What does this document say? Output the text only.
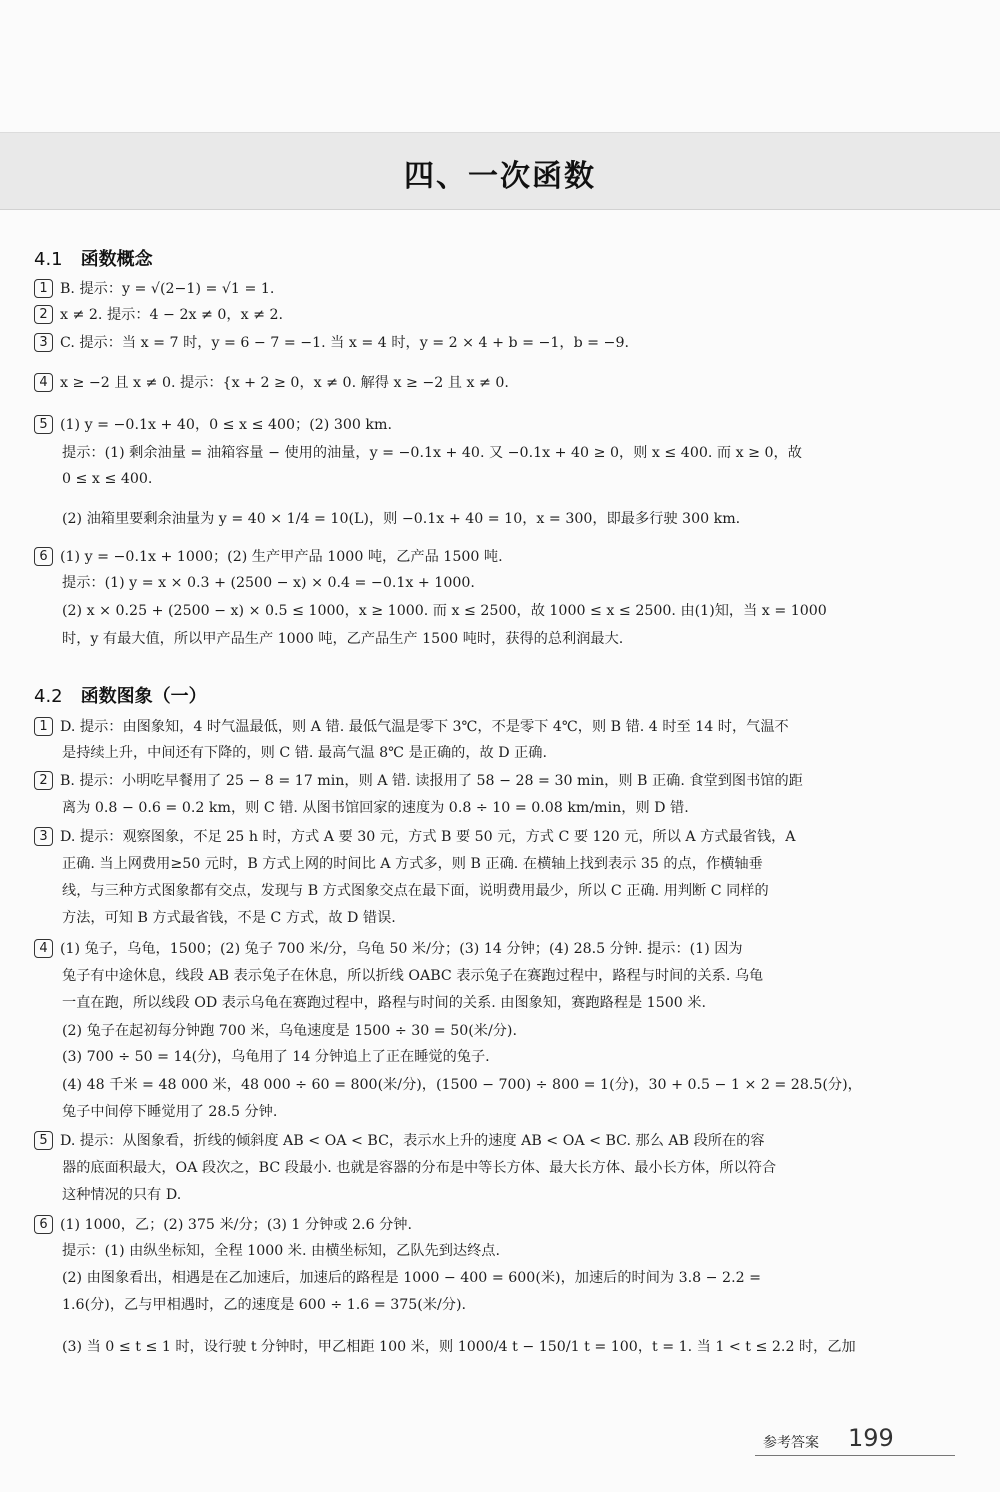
四、一次函数
4.1 函数概念
1 B. 提示：y = √(2−1) = √1 = 1.
2 x ≠ 2. 提示：4 − 2x ≠ 0，x ≠ 2.
3 C. 提示：当 x = 7 时，y = 6 − 7 = −1. 当 x = 4 时，y = 2 × 4 + b = −1，b = −9.
4 x ≥ −2 且 x ≠ 0. 提示：{x + 2 ≥ 0，x ≠ 0. 解得 x ≥ −2 且 x ≠ 0.
5 (1) y = −0.1x + 40，0 ≤ x ≤ 400；(2) 300 km.
提示：(1) 剩余油量 = 油箱容量 − 使用的油量，y = −0.1x + 40. 又 −0.1x + 40 ≥ 0，则 x ≤ 400. 而 x ≥ 0，故
0 ≤ x ≤ 400.
(2) 油箱里要剩余油量为 y = 40 × 1/4 = 10(L)，则 −0.1x + 40 = 10，x = 300，即最多行驶 300 km.
6 (1) y = −0.1x + 1000；(2) 生产甲产品 1000 吨，乙产品 1500 吨.
提示：(1) y = x × 0.3 + (2500 − x) × 0.4 = −0.1x + 1000.
(2) x × 0.25 + (2500 − x) × 0.5 ≤ 1000，x ≥ 1000. 而 x ≤ 2500，故 1000 ≤ x ≤ 2500. 由(1)知，当 x = 1000
时，y 有最大值，所以甲产品生产 1000 吨，乙产品生产 1500 吨时，获得的总利润最大.
4.2 函数图象（一）
1 D. 提示：由图象知，4 时气温最低，则 A 错. 最低气温是零下 3℃，不是零下 4℃，则 B 错. 4 时至 14 时，气温不
是持续上升，中间还有下降的，则 C 错. 最高气温 8℃ 是正确的，故 D 正确.
2 B. 提示：小明吃早餐用了 25 − 8 = 17 min，则 A 错. 读报用了 58 − 28 = 30 min，则 B 正确. 食堂到图书馆的距
离为 0.8 − 0.6 = 0.2 km，则 C 错. 从图书馆回家的速度为 0.8 ÷ 10 = 0.08 km/min，则 D 错.
3 D. 提示：观察图象，不足 25 h 时，方式 A 要 30 元，方式 B 要 50 元，方式 C 要 120 元，所以 A 方式最省钱，A
正确. 当上网费用≥50 元时，B 方式上网的时间比 A 方式多，则 B 正确. 在横轴上找到表示 35 的点，作横轴垂
线，与三种方式图象都有交点，发现与 B 方式图象交点在最下面，说明费用最少，所以 C 正确. 用判断 C 同样的
方法，可知 B 方式最省钱，不是 C 方式，故 D 错误.
4 (1) 兔子，乌龟，1500；(2) 兔子 700 米/分，乌龟 50 米/分；(3) 14 分钟；(4) 28.5 分钟. 提示：(1) 因为
兔子有中途休息，线段 AB 表示兔子在休息，所以折线 OABC 表示兔子在赛跑过程中，路程与时间的关系. 乌龟
一直在跑，所以线段 OD 表示乌龟在赛跑过程中，路程与时间的关系. 由图象知，赛跑路程是 1500 米.
(2) 兔子在起初每分钟跑 700 米，乌龟速度是 1500 ÷ 30 = 50(米/分).
(3) 700 ÷ 50 = 14(分)，乌龟用了 14 分钟追上了正在睡觉的兔子.
(4) 48 千米 = 48 000 米，48 000 ÷ 60 = 800(米/分)，(1500 − 700) ÷ 800 = 1(分)，30 + 0.5 − 1 × 2 = 28.5(分)，
兔子中间停下睡觉用了 28.5 分钟.
5 D. 提示：从图象看，折线的倾斜度 AB < OA < BC，表示水上升的速度 AB < OA < BC. 那么 AB 段所在的容
器的底面积最大，OA 段次之，BC 段最小. 也就是容器的分布是中等长方体、最大长方体、最小长方体，所以符合
这种情况的只有 D.
6 (1) 1000，乙；(2) 375 米/分；(3) 1 分钟或 2.6 分钟.
提示：(1) 由纵坐标知，全程 1000 米. 由横坐标知，乙队先到达终点.
(2) 由图象看出，相遇是在乙加速后，加速后的路程是 1000 − 400 = 600(米)，加速后的时间为 3.8 − 2.2 =
1.6(分)，乙与甲相遇时，乙的速度是 600 ÷ 1.6 = 375(米/分).
(3) 当 0 ≤ t ≤ 1 时，设行驶 t 分钟时，甲乙相距 100 米，则 1000/4 t − 150/1 t = 100，t = 1. 当 1 < t ≤ 2.2 时，乙加
参考答案 199
